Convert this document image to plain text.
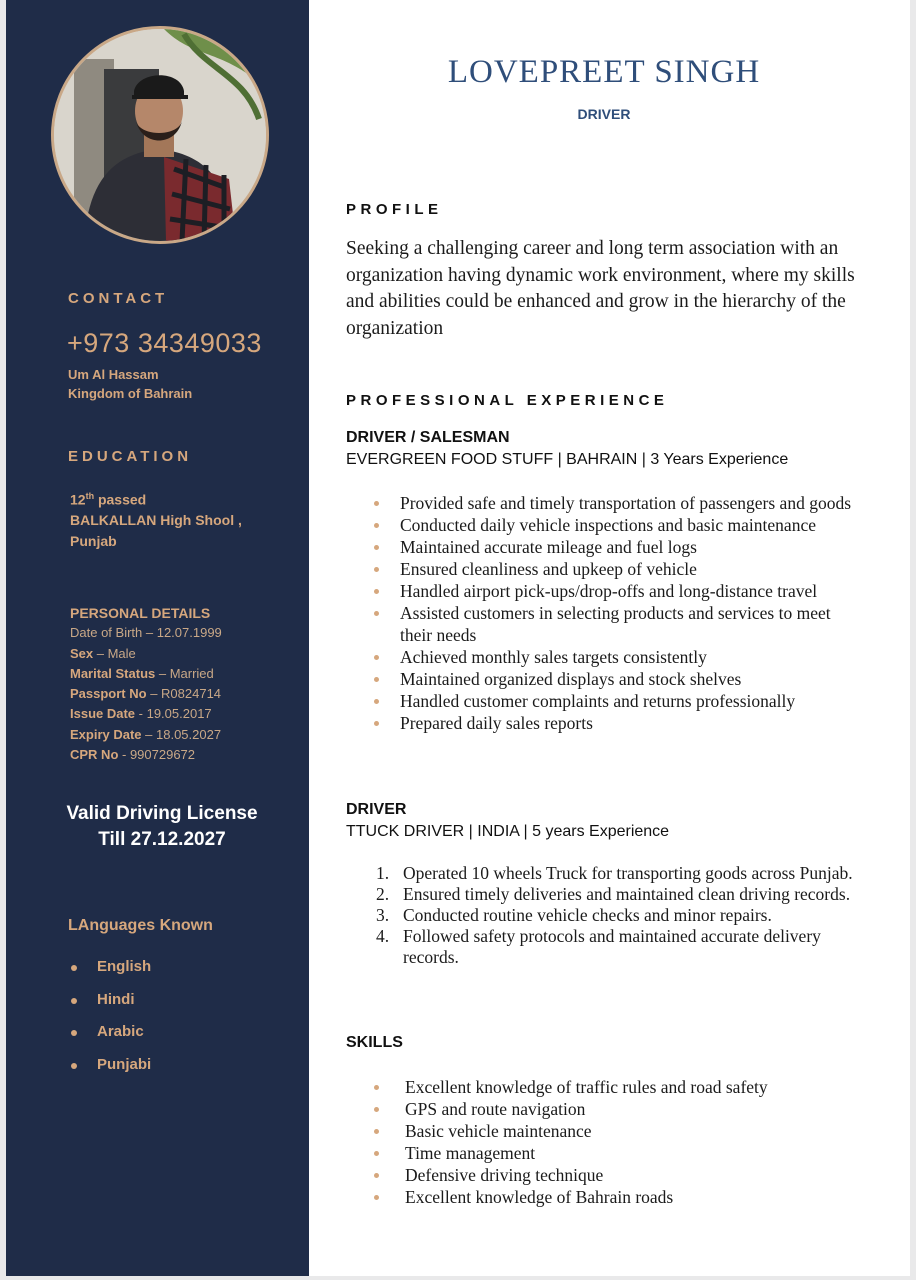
CONTACT
+973 34349033
Um Al Hassam
Kingdom of Bahrain
EDUCATION
12th passed
BALKALLAN High Shool ,
Punjab
PERSONAL DETAILS
Date of Birth – 12.07.1999
Sex – Male
Marital Status – Married
Passport No – R0824714
Issue Date - 19.05.2017
Expiry Date – 18.05.2027
CPR No - 990729672
Valid Driving License
Till 27.12.2027
LAnguages Known
English
Hindi
Arabic
Punjabi
LOVEPREET SINGH
DRIVER
PROFILE
Seeking a challenging career and long term association with an organization having dynamic work environment, where my skills and abilities could be enhanced and grow in the hierarchy of the organization
PROFESSIONAL EXPERIENCE
DRIVER / SALESMAN
EVERGREEN FOOD STUFF | BAHRAIN | 3 Years Experience
Provided safe and timely transportation of passengers and goods
Conducted daily vehicle inspections and basic maintenance
Maintained accurate mileage and fuel logs
Ensured cleanliness and upkeep of vehicle
Handled airport pick-ups/drop-offs and long-distance travel
Assisted customers in selecting products and services to meet their needs
Achieved monthly sales targets consistently
Maintained organized displays and stock shelves
Handled customer complaints and returns professionally
Prepared daily sales reports
DRIVER
TTUCK DRIVER | INDIA | 5 years Experience
1. Operated 10 wheels Truck for transporting goods across Punjab.
2. Ensured timely deliveries and maintained clean driving records.
3. Conducted routine vehicle checks and minor repairs.
4. Followed safety protocols and maintained accurate delivery records.
SKILLS
Excellent knowledge of traffic rules and road safety
GPS and route navigation
Basic vehicle maintenance
Time management
Defensive driving technique
Excellent knowledge of Bahrain roads
